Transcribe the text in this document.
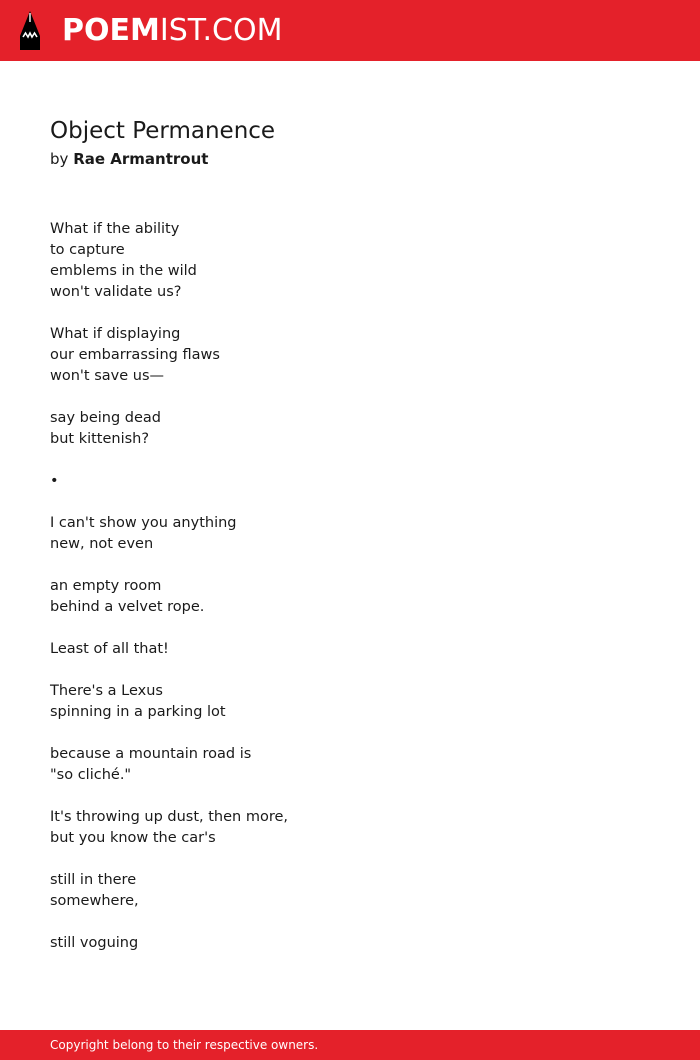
POEMIST.COM
Object Permanence
by Rae Armantrout
What if the ability
to capture
emblems in the wild
won't validate us?
What if displaying
our embarrassing flaws
won't save us—
say being dead
but kittenish?
•
I can't show you anything
new, not even
an empty room
behind a velvet rope.
Least of all that!
There's a Lexus
spinning in a parking lot
because a mountain road is
"so cliché."
It's throwing up dust, then more,
but you know the car's
still in there
somewhere,
still voguing
Copyright belong to their respective owners.
